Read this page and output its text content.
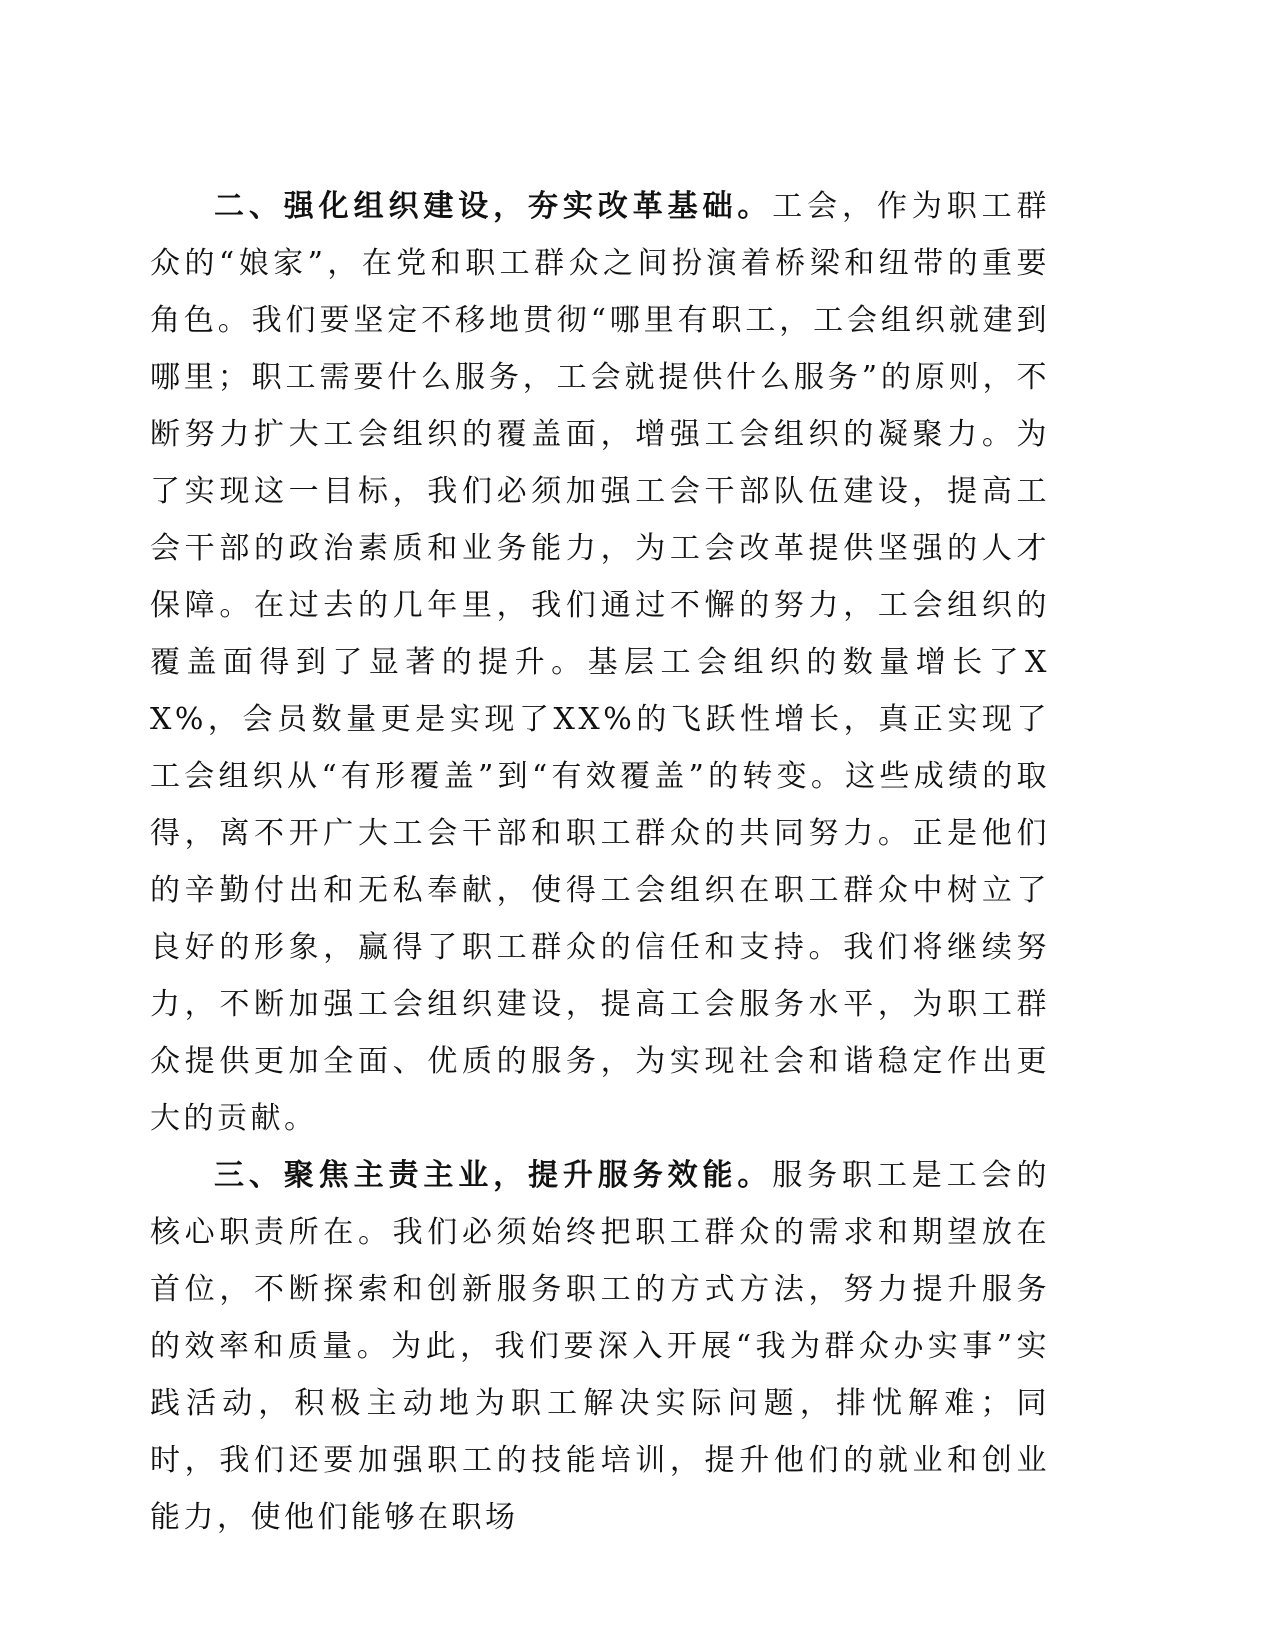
二、强化组织建设，夯实改革基础。工会，作为职工群众的“娘家”，在党和职工群众之间扮演着桥梁和纽带的重要角色。我们要坚定不移地贯彻“哪里有职工，工会组织就建到哪里；职工需要什么服务，工会就提供什么服务”的原则，不断努力扩大工会组织的覆盖面，增强工会组织的凝聚力。为了实现这一目标，我们必须加强工会干部队伍建设，提高工会干部的政治素质和业务能力，为工会改革提供坚强的人才保障。在过去的几年里，我们通过不懈的努力，工会组织的覆盖面得到了显著的提升。基层工会组织的数量增长了XX%，会员数量更是实现了XX%的飞跃性增长，真正实现了工会组织从“有形覆盖”到“有效覆盖”的转变。这些成绩的取得，离不开广大工会干部和职工群众的共同努力。正是他们的辛勤付出和无私奉献，使得工会组织在职工群众中树立了良好的形象，赢得了职工群众的信任和支持。我们将继续努力，不断加强工会组织建设，提高工会服务水平，为职工群众提供更加全面、优质的服务，为实现社会和谐稳定作出更大的贡献。

三、聚焦主责主业，提升服务效能。服务职工是工会的核心职责所在。我们必须始终把职工群众的需求和期望放在首位，不断探索和创新服务职工的方式方法，努力提升服务的效率和质量。为此，我们要深入开展“我为群众办实事”实践活动，积极主动地为职工解决实际问题，排忧解难；同时，我们还要加强职工的技能培训，提升他们的就业和创业能力，使他们能够在职场
